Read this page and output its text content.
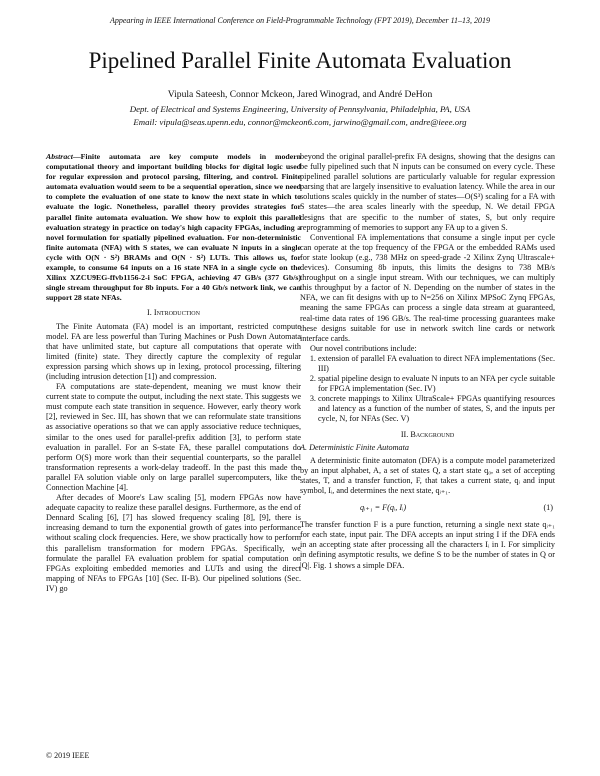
Appearing in IEEE International Conference on Field-Programmable Technology (FPT 2019), December 11–13, 2019
Pipelined Parallel Finite Automata Evaluation
Vipula Sateesh, Connor Mckeon, Jared Winograd, and André DeHon
Dept. of Electrical and Systems Engineering, University of Pennsylvania, Philadelphia, PA, USA
Email: vipula@seas.upenn.edu, connor@mckeon6.com, jarwino@gmail.com, andre@ieee.org
Abstract—Finite automata are key compute models in modern computational theory and important building blocks for digital logic used for regular expression and protocol parsing, filtering, and control. Finite automata evaluation would seem to be a sequential operation, since we need to complete the evaluation of one state to know the next state in which to evaluate the logic. Nonetheless, parallel theory provides strategies for parallel finite automata evaluation. We show how to exploit this parallel evaluation strategy in practice on today's high capacity FPGAs, including a novel formulation for spatially pipelined evaluation. For non-deterministic finite automata (NFA) with S states, we can evaluate N inputs in a single cycle with O(N · S²) BRAMs and O(N · S²) LUTs. This allows us, for example, to consume 64 inputs on a 16 state NFA in a single cycle on the Xilinx XZCU9EG-ffvb1156-2-i SoC FPGA, achieving 47 GB/s (377 Gb/s) single stream throughput for 8b inputs. For a 40 Gb/s network link, we can support 28 state NFAs.
I. Introduction

The Finite Automata (FA) model is an important, restricted compute model. FA are less powerful than Turing Machines or Push Down Automata that have unlimited state, but capture all computations that operate with limited (finite) state. They directly capture the complexity of regular expression parsing which shows up in lexing, protocol processing, filtering (including intrusion detection [1]) and compression.

FA computations are state-dependent, meaning we must know their current state to compute the output, including the next state. This suggests we must compute each state transition in sequence. However, early theory work [2], reviewed in Sec. III, has shown that we can reformulate state transitions as associative operations so that we can apply associative reduce techniques, similar to the ones used for parallel-prefix addition [3], to perform state evaluation in parallel. For an S-state FA, these parallel computations do perform O(S) more work than their sequential counterparts, so the parallel transformation represents a work-delay tradeoff. In the past this made the parallel FA solution viable only on large parallel supercomputers, like the Connection Machine [4].

After decades of Moore's Law scaling [5], modern FPGAs now have adequate capacity to realize these parallel designs. Furthermore, as the end of Dennard Scaling [6], [7] has slowed frequency scaling [8], [9], there is increasing demand to turn the exponential growth of gates into performance without scaling clock frequencies. Here, we show practically how to perform this parallelism transformation for modern FPGAs. Specifically, we formulate the parallel FA evaluation problem for spatial computation on FPGAs exploiting embedded memories and LUTs and using the direct mapping of NFAs to FPGAs [10] (Sec. II-B). Our pipelined solutions (Sec. IV) go

beyond the original parallel-prefix FA designs, showing that the designs can be fully pipelined such that N inputs can be consumed on every cycle. These pipelined parallel solutions are particularly valuable for regular expression parsing that are largely insensitive to evaluation latency. While the area in our solutions scales quickly in the number of states—O(S³) scaling for a FA with S states—the area scales linearly with the speedup, N. We detail FPGA designs that are specific to the number of states, S, but only require reprogramming of memories to support any FA up to a given S.

Conventional FA implementations that consume a single input per cycle can operate at the top frequency of the FPGA or the embedded RAMs used for state lookup (e.g., 738 MHz on speed-grade -2 Xilinx Zynq Ultrascale+ devices). Consuming 8b inputs, this limits the designs to 738 MB/s throughput on a single input stream. With our techniques, we can multiply this throughput by a factor of N. Depending on the number of states in the NFA, we can fit designs with up to N=256 on Xilinx MPSoC Zynq FPGAs, meaning the same FPGAs can process a single data stream at guaranteed, real-time data rates of 196 GB/s. The real-time processing guarantees make these designs suitable for use in network switch line cards or network interface cards.

Our novel contributions include:

1. extension of parallel FA evaluation to direct NFA implementations (Sec. III)
2. spatial pipeline design to evaluate N inputs to an NFA per cycle suitable for FPGA implementation (Sec. IV)
3. concrete mappings to Xilinx UltraScale+ FPGAs quantifying resources and latency as a function of the number of states, S, and the inputs per cycle, N, for NFAs (Sec. V)
II. Background
A. Deterministic Finite Automata

A deterministic finite automaton (DFA) is a compute model parameterized by an input alphabet, A, a set of states Q, a start state q₀, a set of accepting states, T, and a transfer function, F, that takes a current state, qᵢ and input symbol, Iᵢ, and determines the next state, qᵢ₊₁.

qᵢ₊₁ = F(qᵢ, Iᵢ)	(1)

The transfer function F is a pure function, returning a single next state qᵢ₊₁ for each state, input pair. The DFA accepts an input string I if the DFA ends in an accepting state after processing all the characters Iᵢ in I. For simplicity in defining asymptotic results, we define S to be the number of states in Q or |Q|. Fig. 1 shows a simple DFA.

© 2019 IEEE
